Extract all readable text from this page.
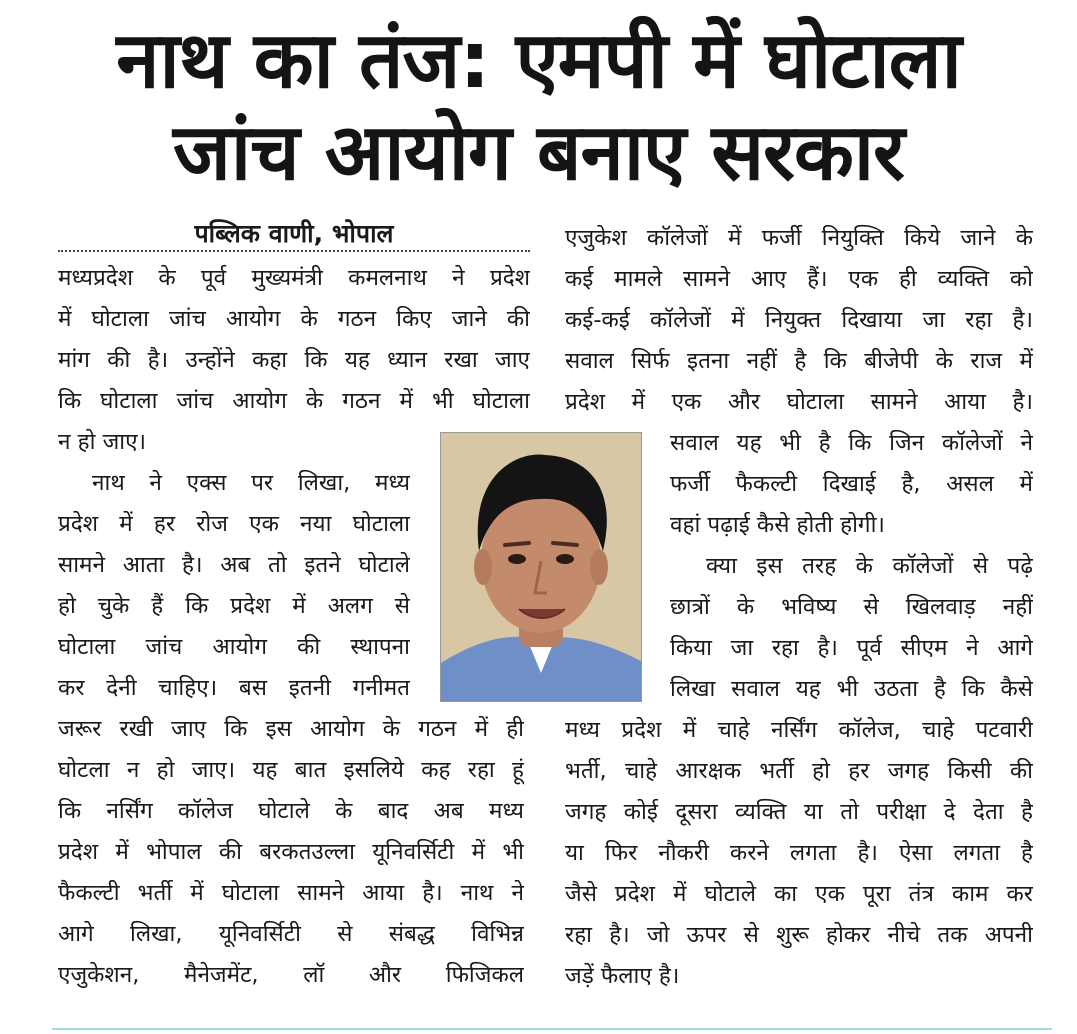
नाथ का तंज: एमपी में घोटाला
जांच आयोग बनाए सरकार
पब्लिक वाणी, भोपाल

मध्यप्रदेश के पूर्व मुख्यमंत्री कमलनाथ ने प्रदेश

में घोटाला जांच आयोग के गठन किए जाने की

मांग की है। उन्होंने कहा कि यह ध्यान रखा जाए

कि घोटाला जांच आयोग के गठन में भी घोटाला

न हो जाए।

नाथ ने एक्स पर लिखा, मध्य

प्रदेश में हर रोज एक नया घोटाला

सामने आता है। अब तो इतने घोटाले

हो चुके हैं कि प्रदेश में अलग से

घोटाला जांच आयोग की स्थापना

कर देनी चाहिए। बस इतनी गनीमत

जरूर रखी जाए कि इस आयोग के गठन में ही

घोटला न हो जाए। यह बात इसलिये कह रहा हूं

कि नर्सिंग कॉलेज घोटाले के बाद अब मध्य

प्रदेश में भोपाल की बरकतउल्ला यूनिवर्सिटी में भी

फैकल्टी भर्ती में घोटाला सामने आया है। नाथ ने

आगे लिखा, यूनिवर्सिटी से संबद्ध विभिन्न

एजुकेशन, मैनेजमेंट, लॉ और फिजिकल

एजुकेश कॉलेजों में फर्जी नियुक्ति किये जाने के

कई मामले सामने आए हैं। एक ही व्यक्ति को

कई-कई कॉलेजों में नियुक्त दिखाया जा रहा है।

सवाल सिर्फ इतना नहीं है कि बीजेपी के राज में

प्रदेश में एक और घोटाला सामने आया है।

सवाल यह भी है कि जिन कॉलेजों ने

फर्जी फैकल्टी दिखाई है, असल में

वहां पढ़ाई कैसे होती होगी।

क्या इस तरह के कॉलेजों से पढ़े

छात्रों के भविष्य से खिलवाड़ नहीं

किया जा रहा है। पूर्व सीएम ने आगे

लिखा सवाल यह भी उठता है कि कैसे

मध्य प्रदेश में चाहे नर्सिंग कॉलेज, चाहे पटवारी

भर्ती, चाहे आरक्षक भर्ती हो हर जगह किसी की

जगह कोई दूसरा व्यक्ति या तो परीक्षा दे देता है

या फिर नौकरी करने लगता है। ऐसा लगता है

जैसे प्रदेश में घोटाले का एक पूरा तंत्र काम कर

रहा है। जो ऊपर से शुरू होकर नीचे तक अपनी

जड़ें फैलाए है।
